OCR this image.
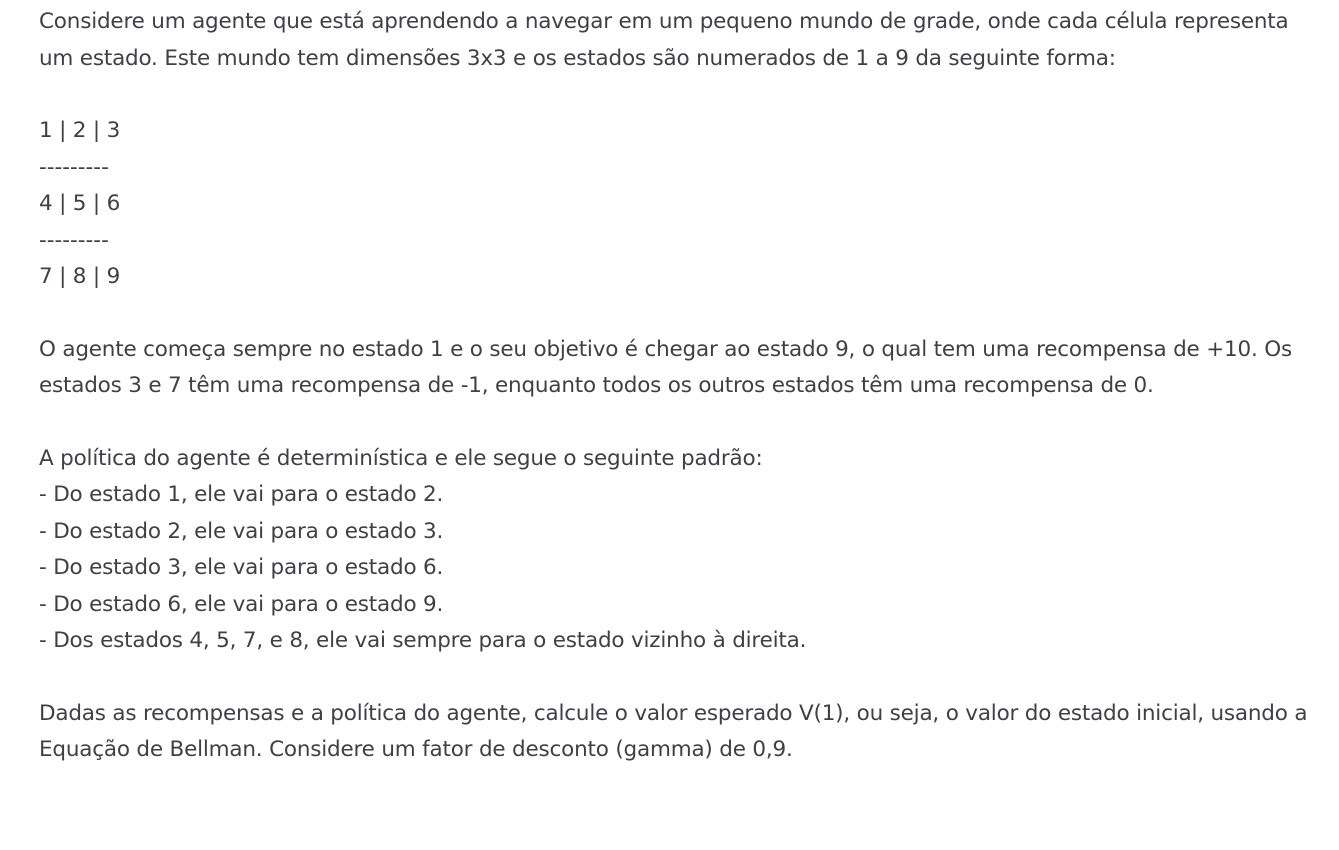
Considere um agente que está aprendendo a navegar em um pequeno mundo de grade, onde cada célula representa um estado. Este mundo tem dimensões 3x3 e os estados são numerados de 1 a 9 da seguinte forma:

1 | 2 | 3

---------

4 | 5 | 6

---------

7 | 8 | 9

O agente começa sempre no estado 1 e o seu objetivo é chegar ao estado 9, o qual tem uma recompensa de +10. Os estados 3 e 7 têm uma recompensa de -1, enquanto todos os outros estados têm uma recompensa de 0.

A política do agente é determinística e ele segue o seguinte padrão:

- Do estado 1, ele vai para o estado 2.
- Do estado 2, ele vai para o estado 3.
- Do estado 3, ele vai para o estado 6.
- Do estado 6, ele vai para o estado 9.
- Dos estados 4, 5, 7, e 8, ele vai sempre para o estado vizinho à direita.

Dadas as recompensas e a política do agente, calcule o valor esperado V(1), ou seja, o valor do estado inicial, usando a Equação de Bellman. Considere um fator de desconto (gamma) de 0,9.
